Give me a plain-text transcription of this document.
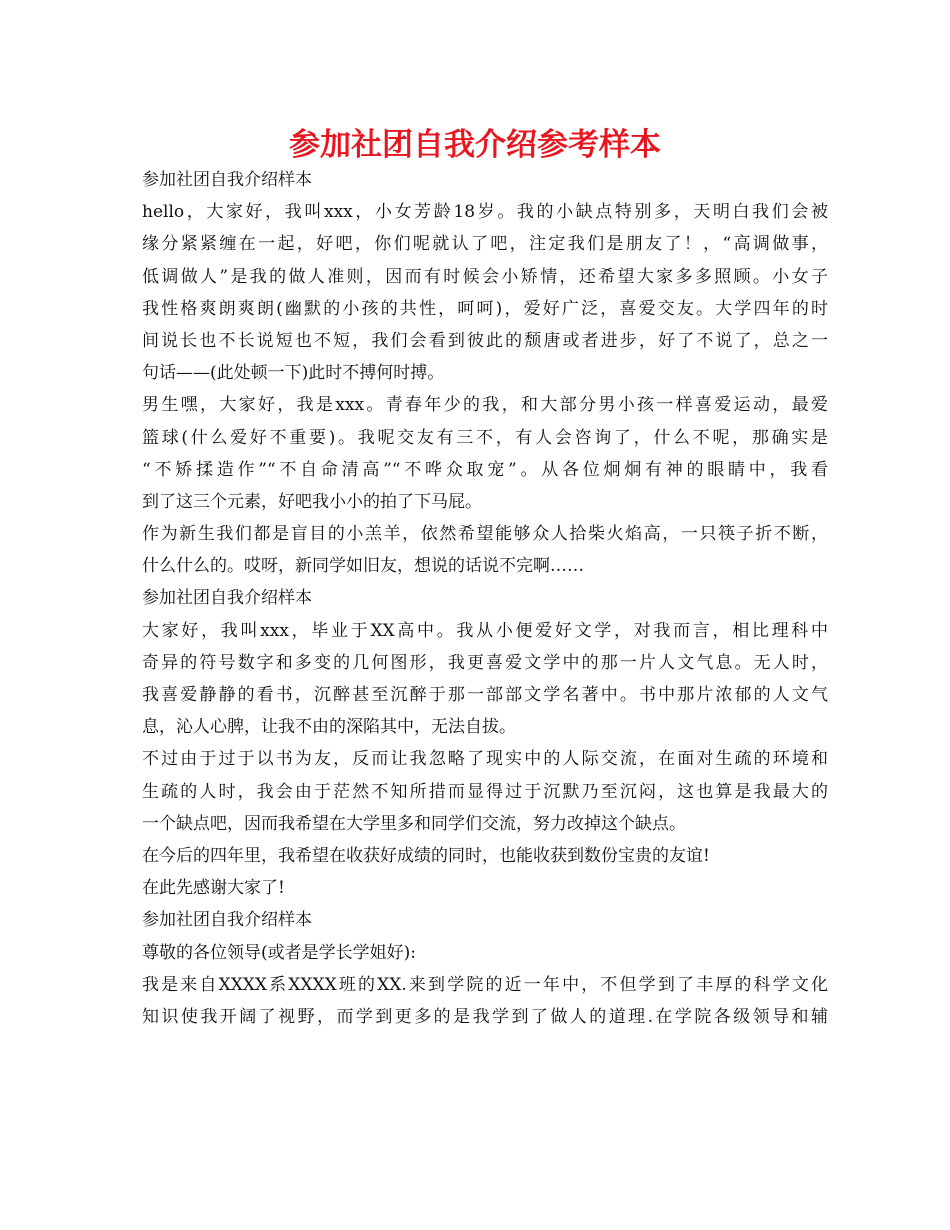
参加社团自我介绍参考样本

参加社团自我介绍样本

hello，大家好，我叫xxx，小女芳龄18岁。我的小缺点特别多，天明白我们会被

缘分紧紧缠在一起，好吧，你们呢就认了吧，注定我们是朋友了！，“高调做事，

低调做人”是我的做人准则，因而有时候会小矫情，还希望大家多多照顾。小女子

我性格爽朗爽朗(幽默的小孩的共性，呵呵)，爱好广泛，喜爱交友。大学四年的时

间说长也不长说短也不短，我们会看到彼此的颓唐或者进步，好了不说了，总之一

句话——(此处顿一下)此时不搏何时搏。

男生嘿，大家好，我是xxx。青春年少的我，和大部分男小孩一样喜爱运动，最爱

篮球(什么爱好不重要)。我呢交友有三不，有人会咨询了，什么不呢，那确实是

“不矫揉造作”“不自命清高”“不哗众取宠”。从各位炯炯有神的眼睛中，我看

到了这三个元素，好吧我小小的拍了下马屁。

作为新生我们都是盲目的小羔羊，依然希望能够众人拾柴火焰高，一只筷子折不断，

什么什么的。哎呀，新同学如旧友，想说的话说不完啊……

参加社团自我介绍样本

大家好，我叫xxx，毕业于XX高中。我从小便爱好文学，对我而言，相比理科中

奇异的符号数字和多变的几何图形，我更喜爱文学中的那一片人文气息。无人时，

我喜爱静静的看书，沉醉甚至沉醉于那一部部文学名著中。书中那片浓郁的人文气

息，沁人心脾，让我不由的深陷其中，无法自拔。

不过由于过于以书为友，反而让我忽略了现实中的人际交流，在面对生疏的环境和

生疏的人时，我会由于茫然不知所措而显得过于沉默乃至沉闷，这也算是我最大的

一个缺点吧，因而我希望在大学里多和同学们交流，努力改掉这个缺点。

在今后的四年里，我希望在收获好成绩的同时，也能收获到数份宝贵的友谊!

在此先感谢大家了!

参加社团自我介绍样本

尊敬的各位领导(或者是学长学姐好):

我是来自XXXX系XXXX班的XX.来到学院的近一年中，不但学到了丰厚的科学文化

知识使我开阔了视野，而学到更多的是我学到了做人的道理.在学院各级领导和辅
